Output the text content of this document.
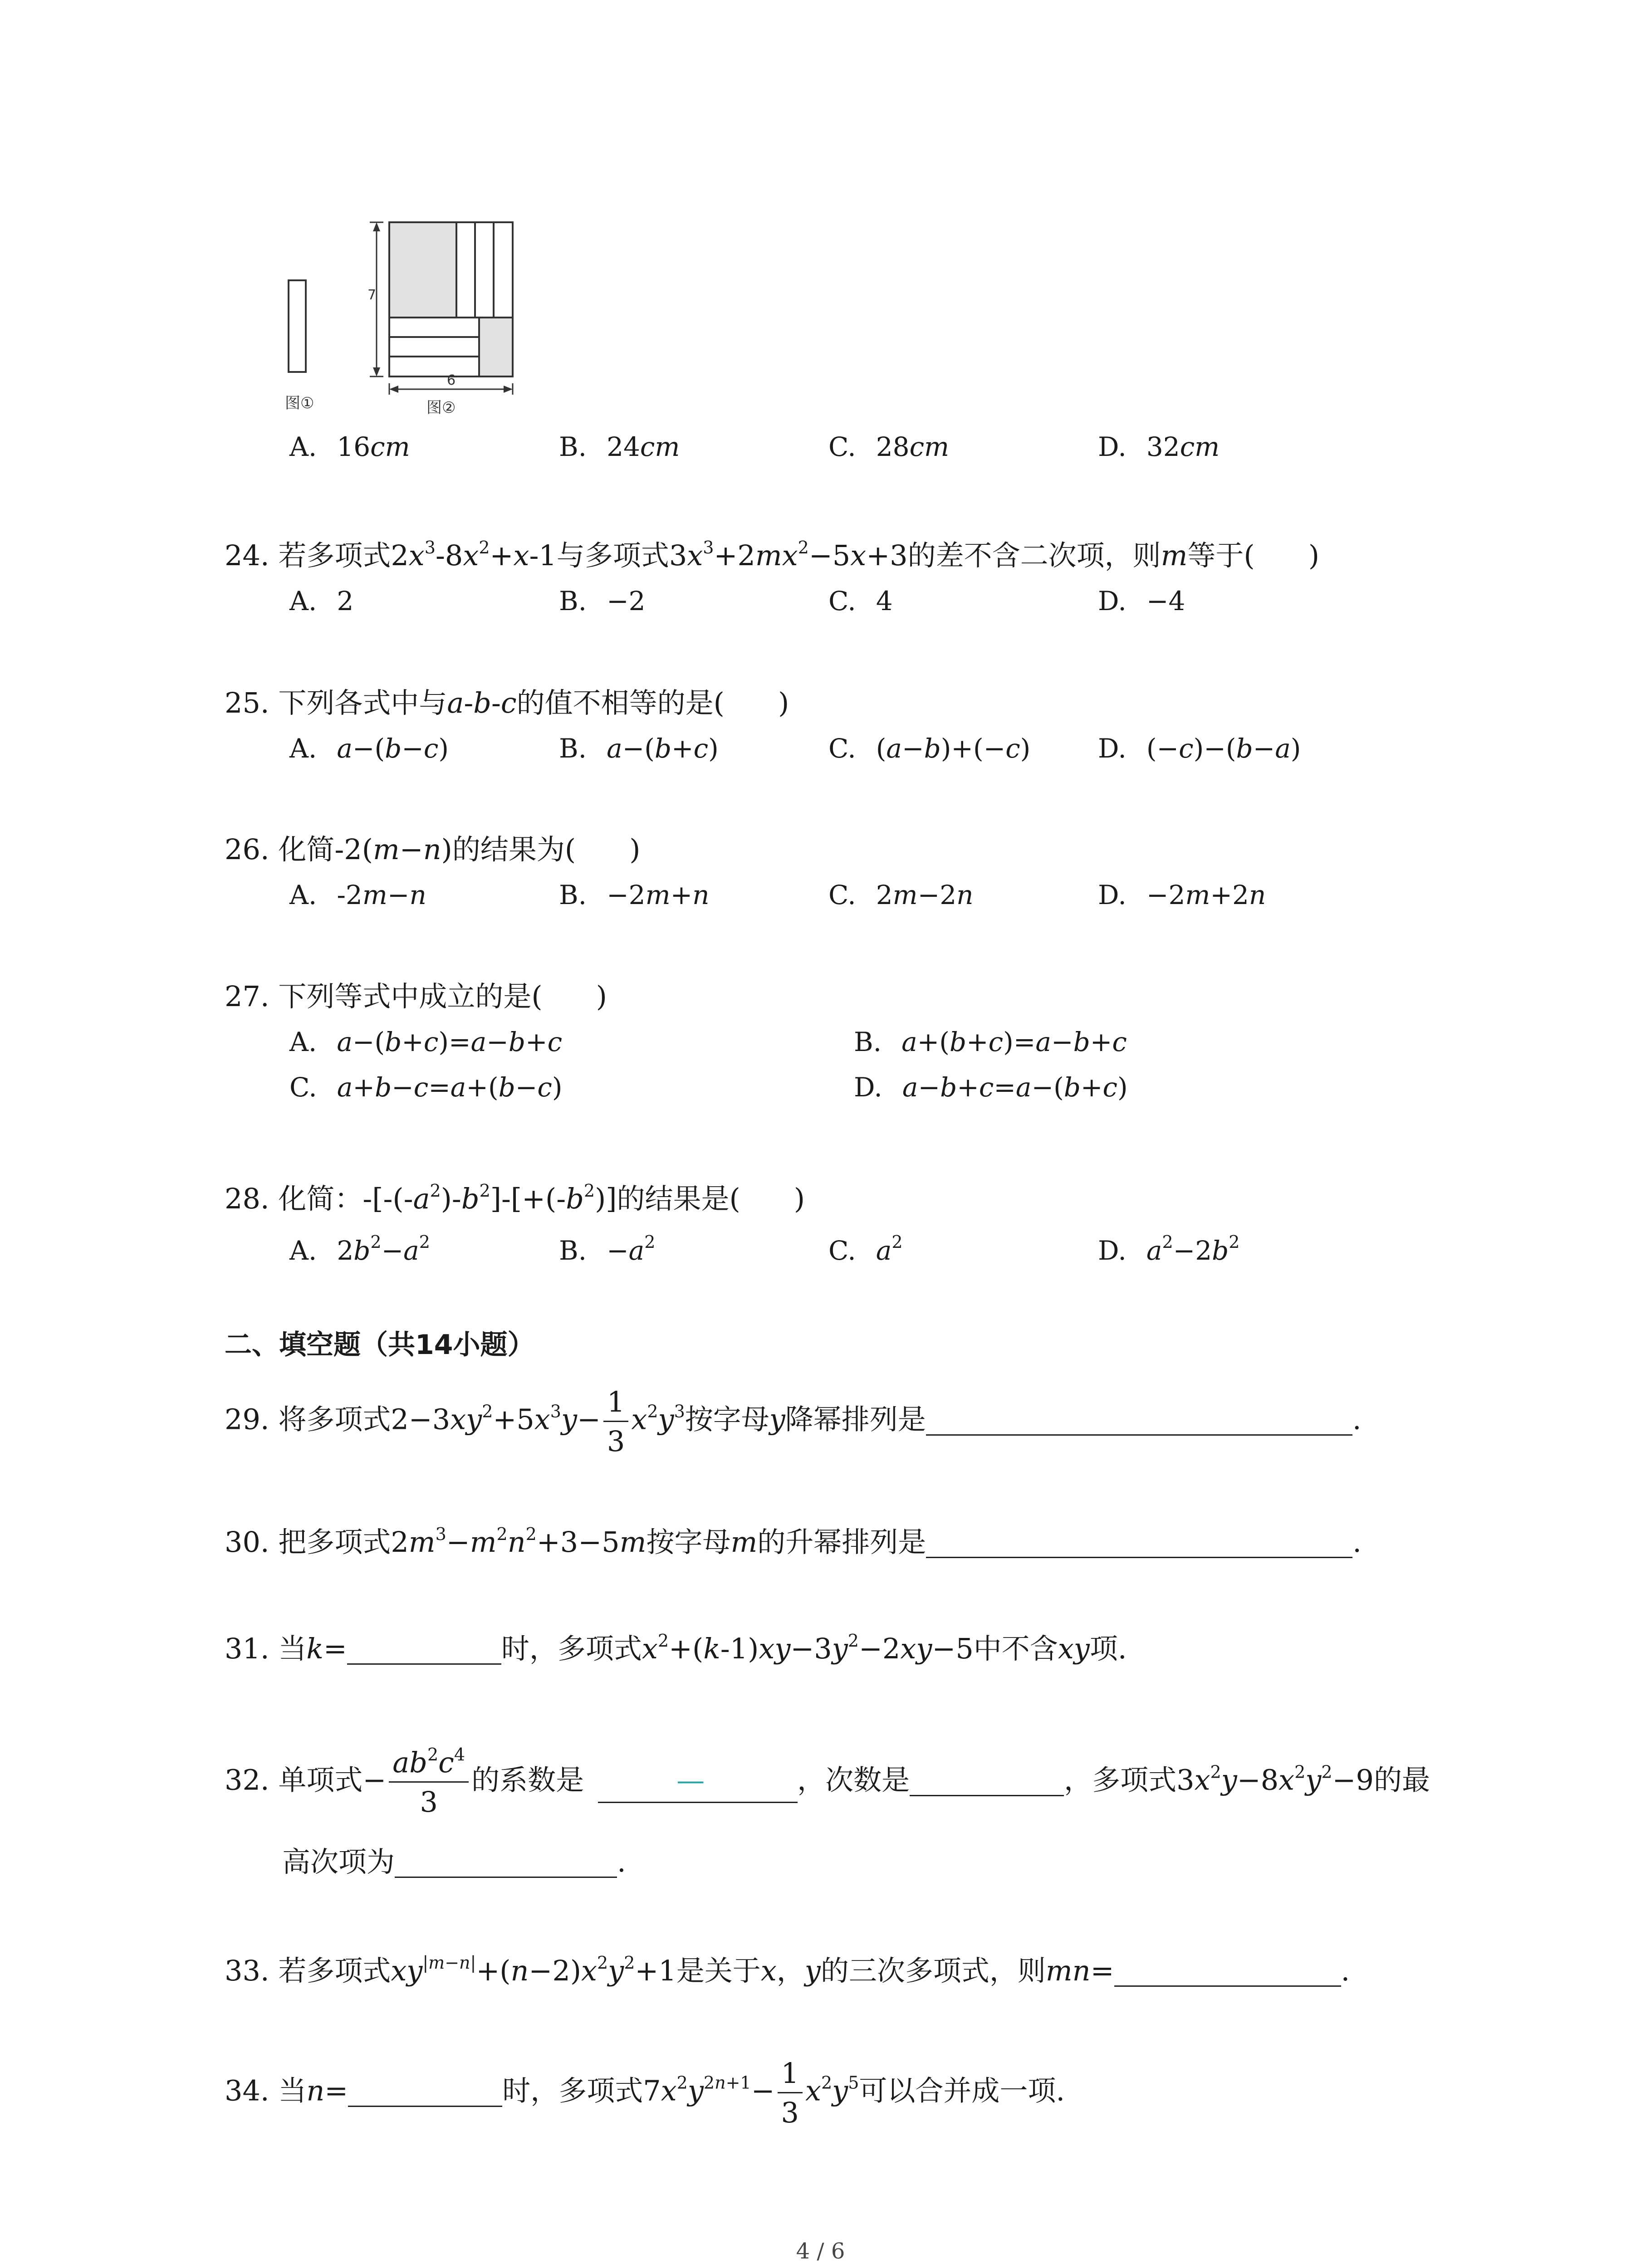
图①
7
6
图②
A. 16cm	B. 24cm	C. 28cm	D. 32cm
24. 若多项式$2x^3-8x^2+x-1$与多项式$3x^3+2mx^2-5x+3$的差不含二次项，则m等于( )
A. 2	B. −2	C. 4	D. −4
25. 下列各式中与a-b-c的值不相等的是( )
A. a−(b−c)	B. a−(b+c)	C. (a−b)+(−c)	D. (−c)−(b−a)
26. 化简-2(m−n)的结果为( )
A. -2m−n	B. −2m+n	C. 2m−2n	D. −2m+2n
27. 下列等式中成立的是( )
A. a−(b+c)=a−b+c	B. a+(b+c)=a−b+c
C. a+b−c=a+(b−c)	D. a−b+c=a−(b+c)
28. 化简：$-[-(-a^2)-b^2]-[+(-b^2)]$的结果是( )
A. $2b^2-a^2$	B. $-a^2$	C. $a^2$	D. $a^2-2b^2$
二、填空题（共14小题）
29. 将多项式$2-3xy^2+5x^3y- \frac{1}{3} x^2y^3$按字母y降幂排列是	.
30. 把多项式$2m^3-m^2n^2+3-5m$按字母m的升幂排列是	.
31. 当k=	时，多项式$x^2+(k-1)xy-3y^2-2xy-5$中不含xy项.
32. 单项式− $\frac{ab^2c^4}{3}$ 的系数是	—	，次数是	，多项式$3x^2y-8x^2y^2-9$的最
高次项为	.
33. 若多项式$xy^{|m-n|}+(n-2)x^2y^2+1$是关于x，y的三次多项式，则mn=	.
34. 当n=	时，多项式$7x^2y^{2n+1}- \frac{1}{3} x^2y^5$可以合并成一项.
4 / 6
